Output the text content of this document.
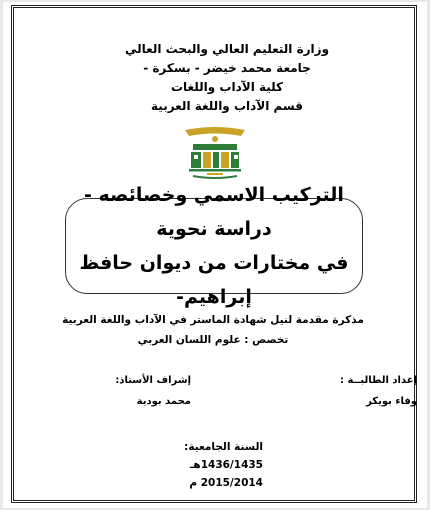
وزارة التعليم العالي والبحث العالي
جامعة محمد خيضر - بسكرة -
كلية الآداب واللغات
قسم الآداب واللغة العربية
التركيب الاسمي وخصائصه - دراسة نحوية
في مختارات من ديوان حافظ إبراهيم-
مذكرة مقدمة لنيل شهادة الماستر في الآداب واللغة العربية
تخصص : علوم اللسان العربي
إعداد الطالبــة :
وفاء بويكر
إشراف الأستاذ:
محمد بودية
السنة الجامعية:
1436/1435هـ
2015/2014 م
